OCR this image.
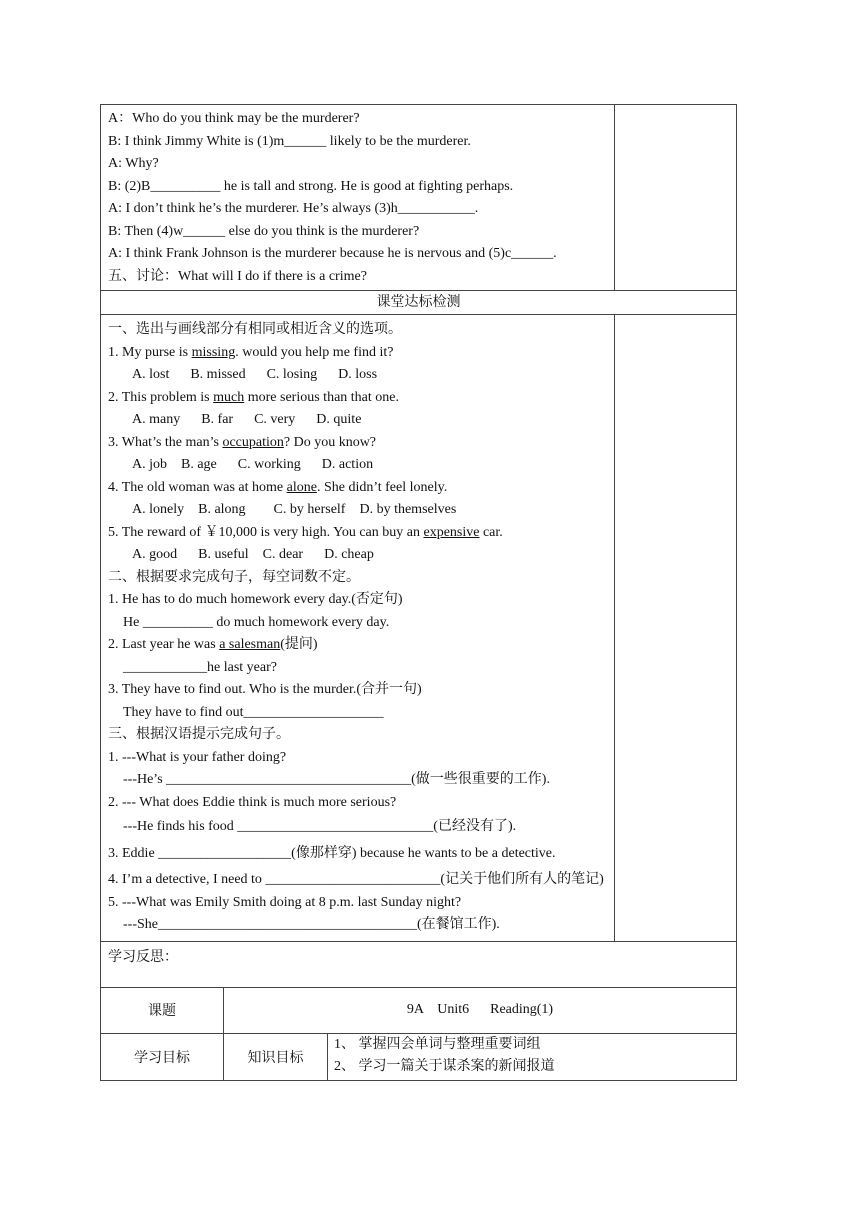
A：Who do you think may be the murderer?
B: I think Jimmy White is (1)m______ likely to be the murderer.
A: Why?
B: (2)B__________ he is tall and strong. He is good at fighting perhaps.
A: I don’t think he’s the murderer. He’s always (3)h___________.
B: Then (4)w______ else do you think is the murderer?
A: I think Frank Johnson is the murderer because he is nervous and (5)c______.
五、讨论：What will I do if there is a crime?
课堂达标检测
一、选出与画线部分有相同或相近含义的选项。
1. My purse is missing. would you help me find it?
A. lost      B. missed      C. losing      D. loss
2. This problem is much more serious than that one.
A. many      B. far      C. very      D. quite
3. What’s the man’s occupation? Do you know?
A. job    B. age      C. working      D. action
4. The old woman was at home alone. She didn’t feel lonely.
A. lonely    B. along        C. by herself    D. by themselves
5. The reward of ￥10,000 is very high. You can buy an expensive car.
A. good      B. useful    C. dear      D. cheap
二、根据要求完成句子，每空词数不定。
1. He has to do much homework every day.(否定句)
He __________ do much homework every day.
2. Last year he was a salesman(提问)
____________he last year?
3. They have to find out. Who is the murder.(合并一句)
They have to find out____________________
三、根据汉语提示完成句子。
1. ---What is your father doing?
---He’s ___________________________________(做一些很重要的工作).
2. --- What does Eddie think is much more serious?
---He finds his food ____________________________(已经没有了).
3. Eddie ___________________(像那样穿) because he wants to be a detective.
4. I’m a detective, I need to _________________________(记关于他们所有人的笔记)
5. ---What was Emily Smith doing at 8 p.m. last Sunday night?
---She_____________________________________(在餐馆工作).
学习反思：
课题	9A    Unit6      Reading(1)
学习目标	知识目标
1、 掌握四会单词与整理重要词组
2、 学习一篇关于谋杀案的新闻报道
